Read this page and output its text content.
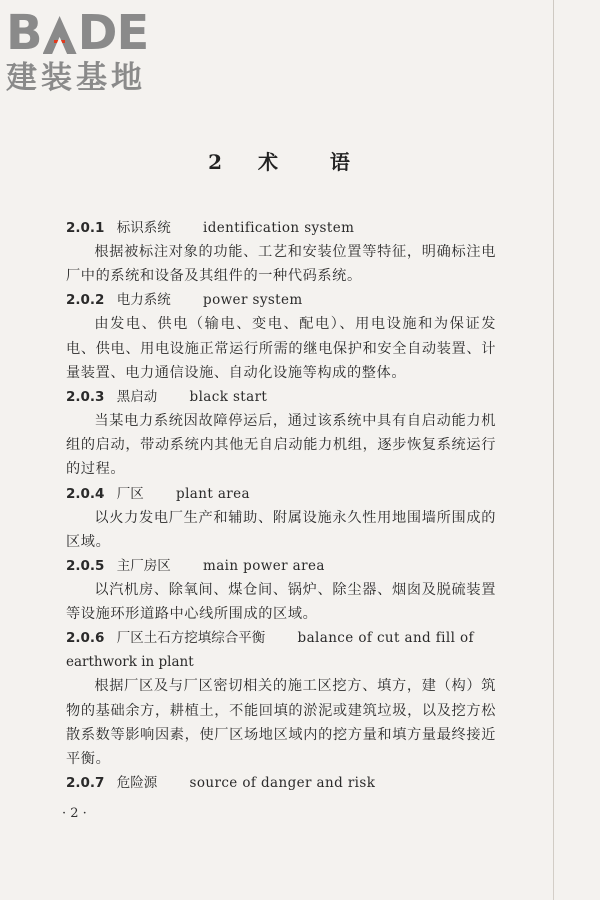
B DE
建装基地
2 术 语
2.0.1 标识系统 identification system

根据被标注对象的功能、工艺和安装位置等特征，明确标注电厂中的系统和设备及其组件的一种代码系统。

2.0.2 电力系统 power system

由发电、供电（输电、变电、配电）、用电设施和为保证发电、供电、用电设施正常运行所需的继电保护和安全自动装置、计量装置、电力通信设施、自动化设施等构成的整体。

2.0.3 黑启动 black start

当某电力系统因故障停运后，通过该系统中具有自启动能力机组的启动，带动系统内其他无自启动能力机组，逐步恢复系统运行的过程。

2.0.4 厂区 plant area

以火力发电厂生产和辅助、附属设施永久性用地围墙所围成的区域。

2.0.5 主厂房区 main power area

以汽机房、除氧间、煤仓间、锅炉、除尘器、烟囱及脱硫装置等设施环形道路中心线所围成的区域。

2.0.6 厂区土石方挖填综合平衡 balance of cut and fill of
earthwork in plant

根据厂区及与厂区密切相关的施工区挖方、填方，建（构）筑物的基础余方，耕植土，不能回填的淤泥或建筑垃圾，以及挖方松散系数等影响因素，使厂区场地区域内的挖方量和填方量最终接近平衡。

2.0.7 危险源 source of danger and risk
· 2 ·
